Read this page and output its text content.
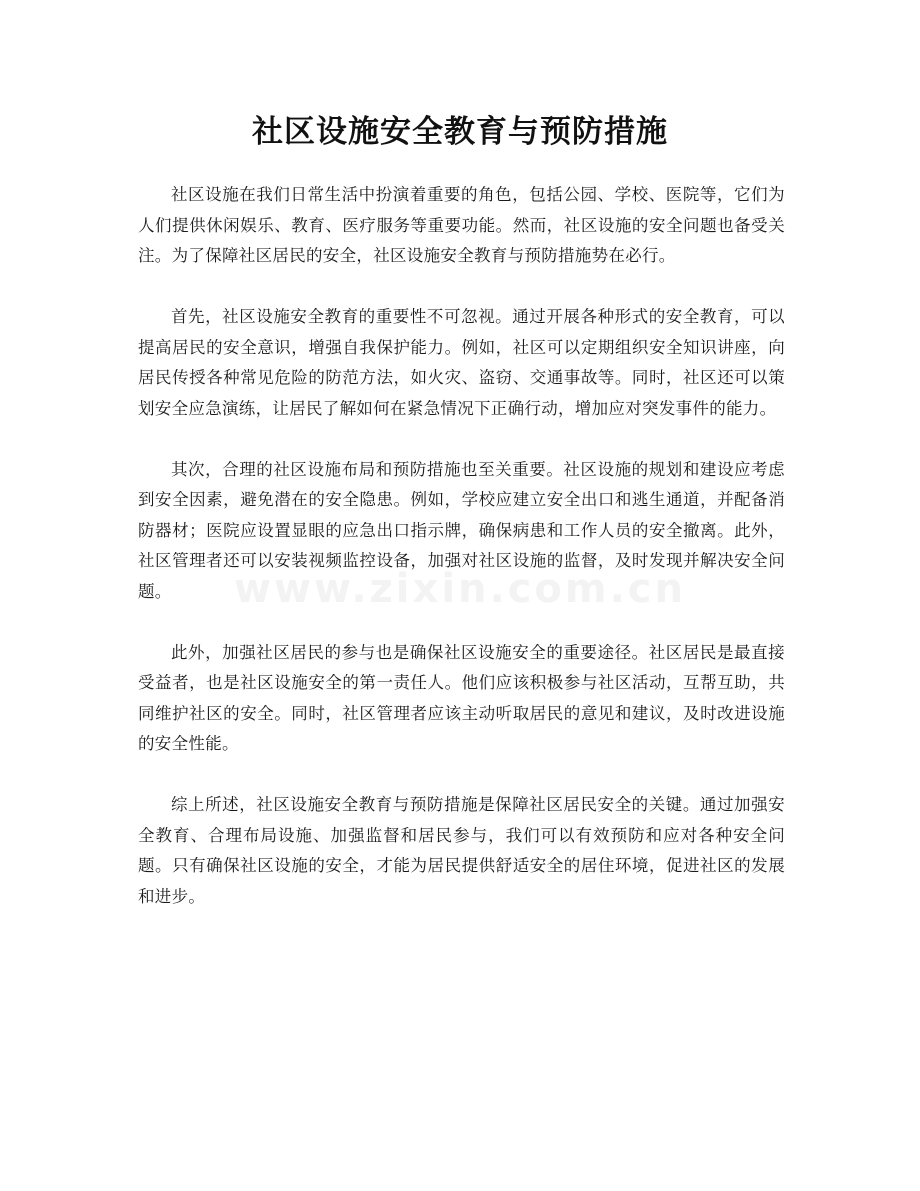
社区设施安全教育与预防措施

社区设施在我们日常生活中扮演着重要的角色，包括公园、学校、医院等，它们为人们提供休闲娱乐、教育、医疗服务等重要功能。然而，社区设施的安全问题也备受关注。为了保障社区居民的安全，社区设施安全教育与预防措施势在必行。

首先，社区设施安全教育的重要性不可忽视。通过开展各种形式的安全教育，可以提高居民的安全意识，增强自我保护能力。例如，社区可以定期组织安全知识讲座，向居民传授各种常见危险的防范方法，如火灾、盗窃、交通事故等。同时，社区还可以策划安全应急演练，让居民了解如何在紧急情况下正确行动，增加应对突发事件的能力。

其次，合理的社区设施布局和预防措施也至关重要。社区设施的规划和建设应考虑到安全因素，避免潜在的安全隐患。例如，学校应建立安全出口和逃生通道，并配备消防器材；医院应设置显眼的应急出口指示牌，确保病患和工作人员的安全撤离。此外，社区管理者还可以安装视频监控设备，加强对社区设施的监督，及时发现并解决安全问题。

此外，加强社区居民的参与也是确保社区设施安全的重要途径。社区居民是最直接受益者，也是社区设施安全的第一责任人。他们应该积极参与社区活动，互帮互助，共同维护社区的安全。同时，社区管理者应该主动听取居民的意见和建议，及时改进设施的安全性能。

综上所述，社区设施安全教育与预防措施是保障社区居民安全的关键。通过加强安全教育、合理布局设施、加强监督和居民参与，我们可以有效预防和应对各种安全问题。只有确保社区设施的安全，才能为居民提供舒适安全的居住环境，促进社区的发展和进步。

www.zixin.com.cn
